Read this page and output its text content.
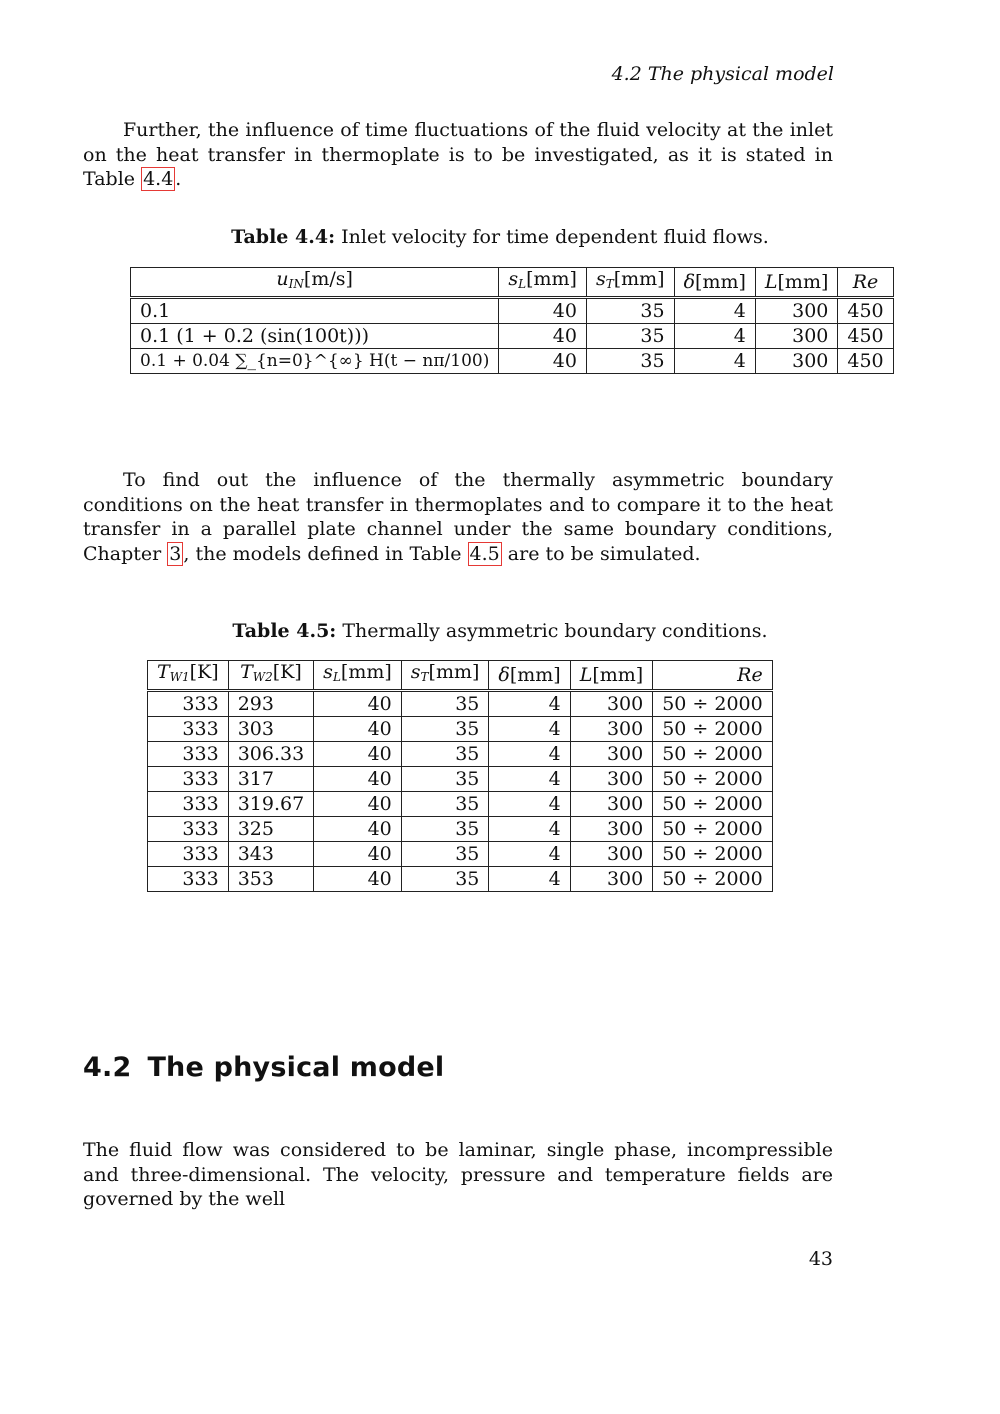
4.2 The physical model

Further, the influence of time fluctuations of the fluid velocity at the inlet on the heat transfer in thermoplate is to be investigated, as it is stated in Table 4.4 .

Table 4.4: Inlet velocity for time dependent fluid flows.
$u_{IN}[m/s]$	$s_L[mm]$	$s_T[mm]$	δ[mm]	L[mm]	Re
0.1	40	35	4	300	450
0.1 (1 + 0.2 (sin(100t)))	40	35	4	300	450
0.1 + 0.04 ∑_{n=0}^{∞} H(t − nπ/100)	40	35	4	300	450

To find out the influence of the thermally asymmetric boundary conditions on the heat transfer in thermoplates and to compare it to the heat transfer in a parallel plate channel under the same boundary conditions, Chapter 3 , the models defined in Table 4.5 are to be simulated.

Table 4.5: Thermally asymmetric boundary conditions.
$T_{W1}[K]$	$T_{W2}[K]$	$s_L[mm]$	$s_T[mm]$	δ[mm]	L[mm]	Re
333	293	40	35	4	300	50 ÷ 2000
333	303	40	35	4	300	50 ÷ 2000
333	306.33	40	35	4	300	50 ÷ 2000
333	317	40	35	4	300	50 ÷ 2000
333	319.67	40	35	4	300	50 ÷ 2000
333	325	40	35	4	300	50 ÷ 2000
333	343	40	35	4	300	50 ÷ 2000
333	353	40	35	4	300	50 ÷ 2000
4.2 The physical model

The fluid flow was considered to be laminar, single phase, incompressible and three-dimensional. The velocity, pressure and temperature fields are governed by the well

43
